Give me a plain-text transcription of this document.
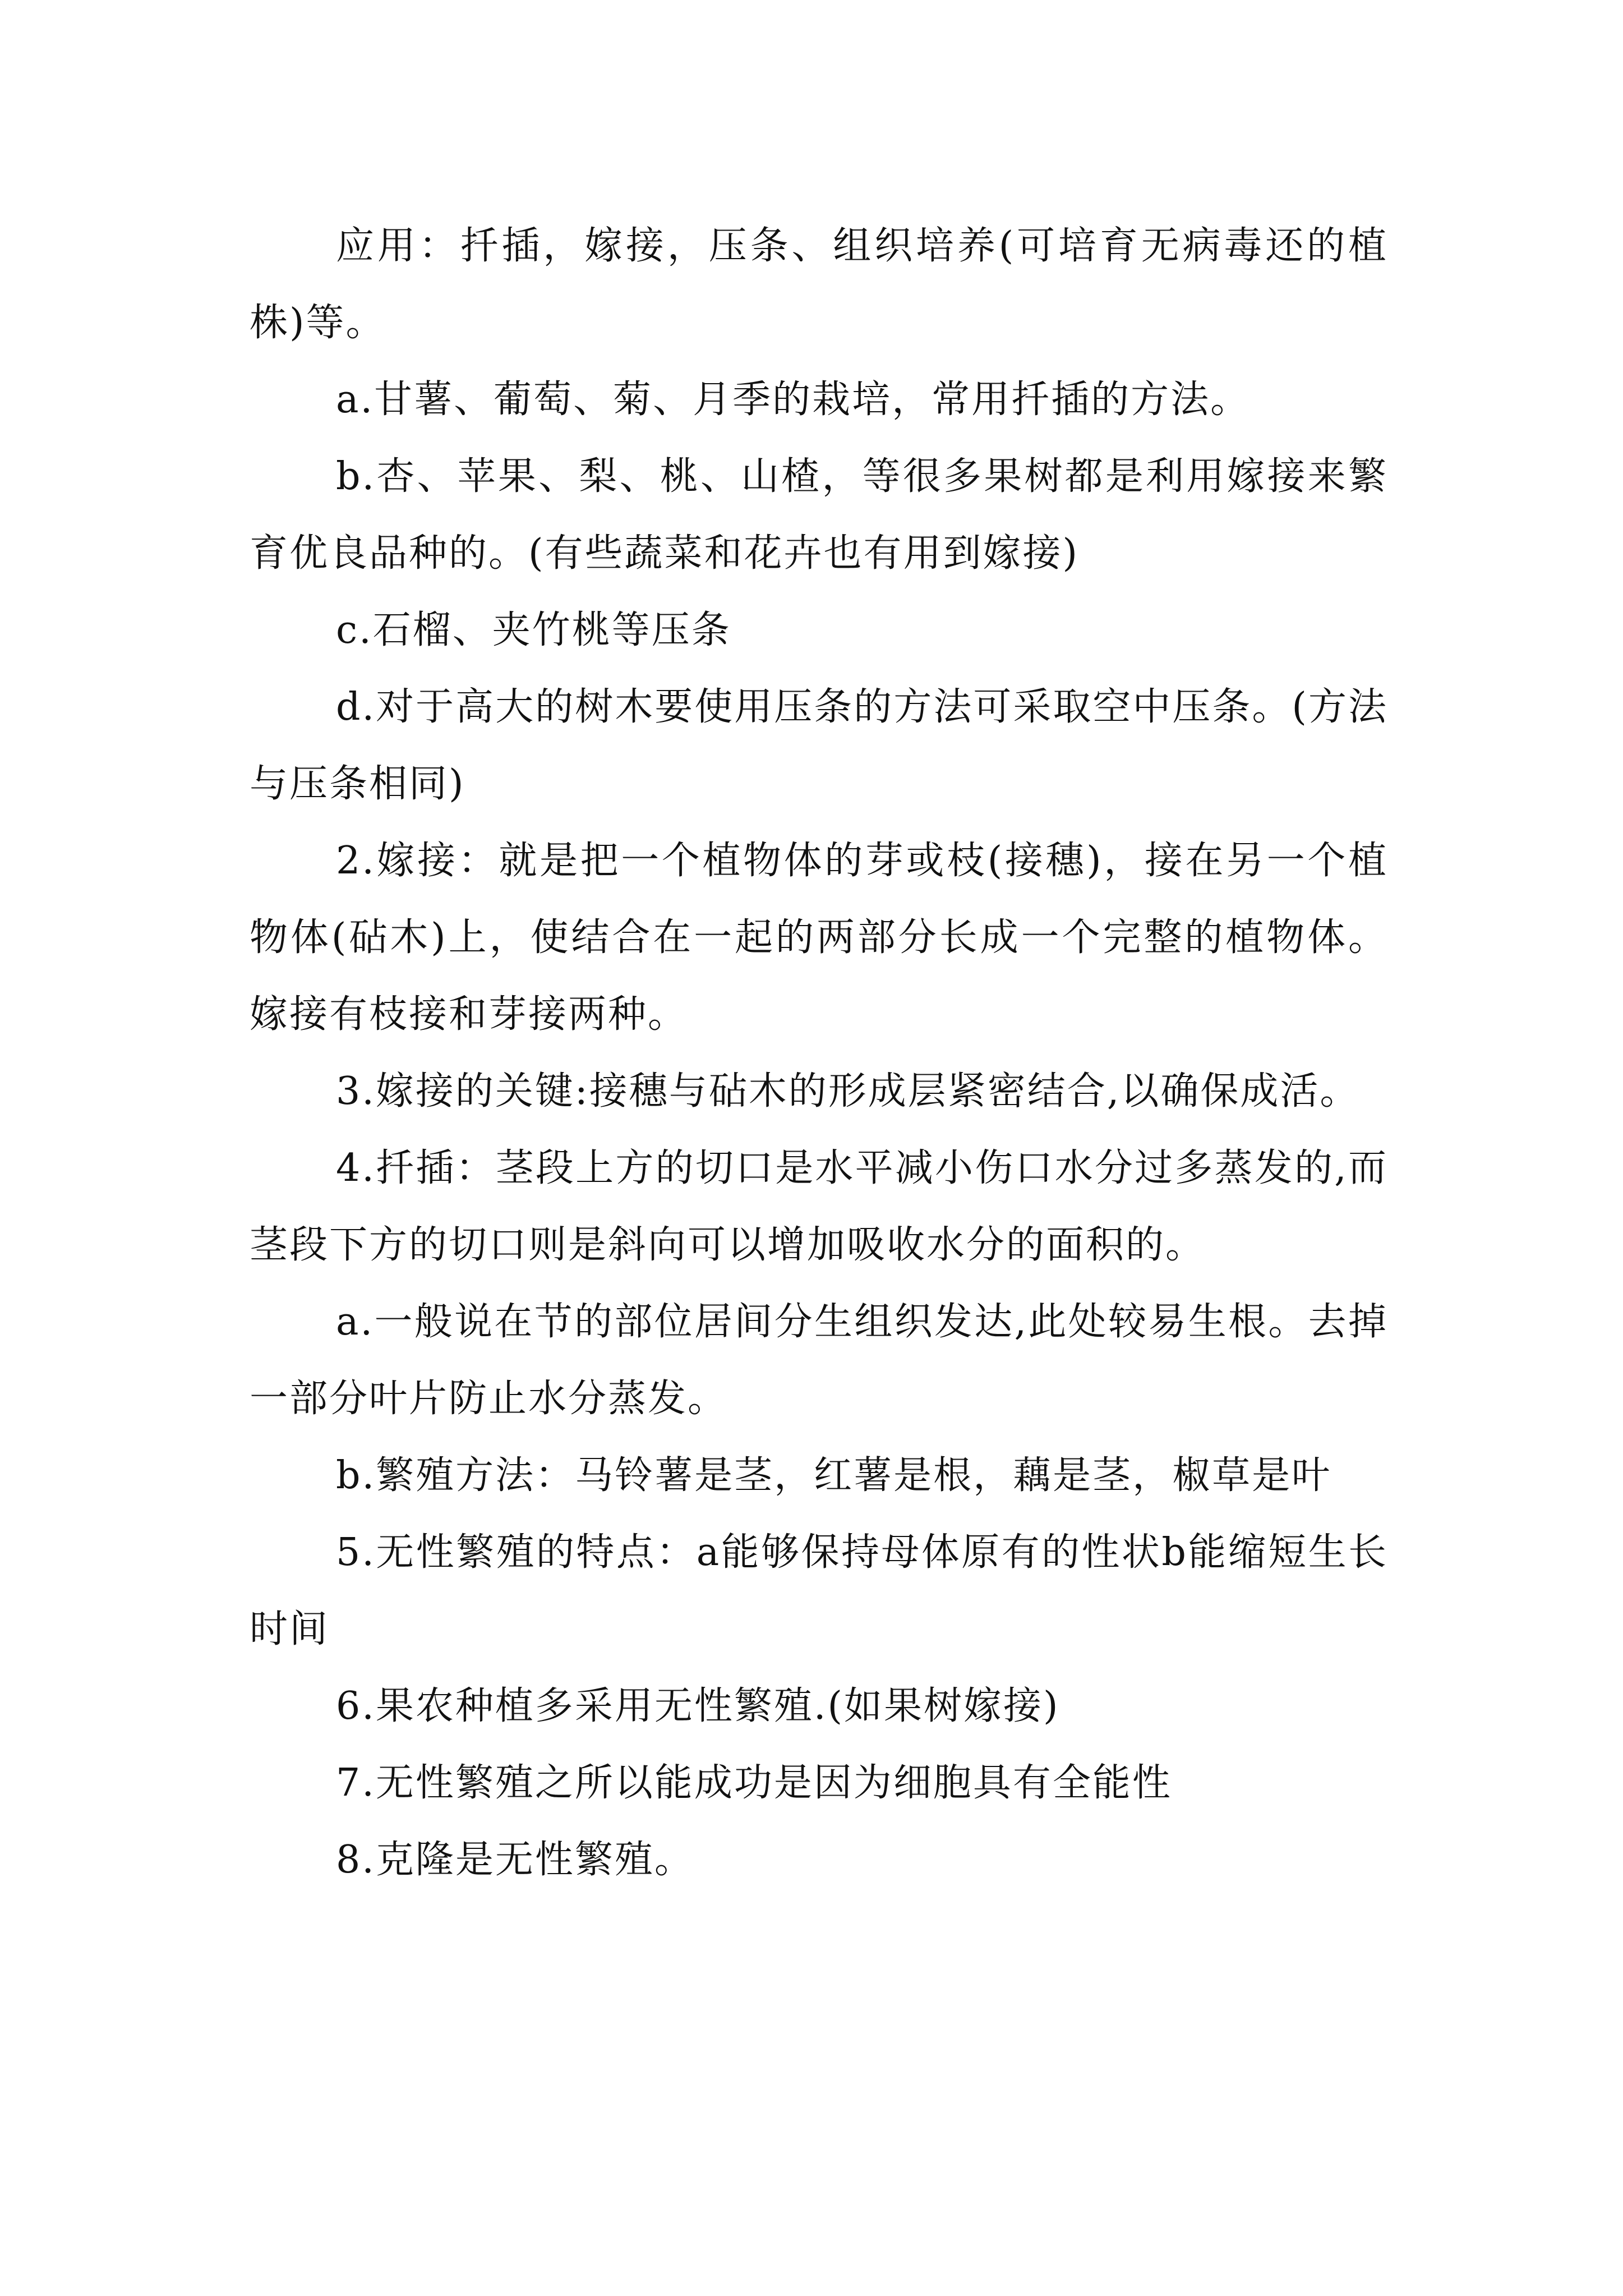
应用：扦插，嫁接，压条、组织培养(可培育无病毒还的植株)等。

a.甘薯、葡萄、菊、月季的栽培，常用扦插的方法。

b.杏、苹果、梨、桃、山楂，等很多果树都是利用嫁接来繁育优良品种的。(有些蔬菜和花卉也有用到嫁接)

c.石榴、夹竹桃等压条

d.对于高大的树木要使用压条的方法可采取空中压条。(方法与压条相同)

2.嫁接：就是把一个植物体的芽或枝(接穗)，接在另一个植物体(砧木)上，使结合在一起的两部分长成一个完整的植物体。嫁接有枝接和芽接两种。

3.嫁接的关键:接穗与砧木的形成层紧密结合,以确保成活。

4.扦插：茎段上方的切口是水平减小伤口水分过多蒸发的,而茎段下方的切口则是斜向可以增加吸收水分的面积的。

a.一般说在节的部位居间分生组织发达,此处较易生根。去掉一部分叶片防止水分蒸发。

b.繁殖方法：马铃薯是茎，红薯是根，藕是茎，椒草是叶

5.无性繁殖的特点：a能够保持母体原有的性状b能缩短生长时间

6.果农种植多采用无性繁殖.(如果树嫁接)

7.无性繁殖之所以能成功是因为细胞具有全能性

8.克隆是无性繁殖。
